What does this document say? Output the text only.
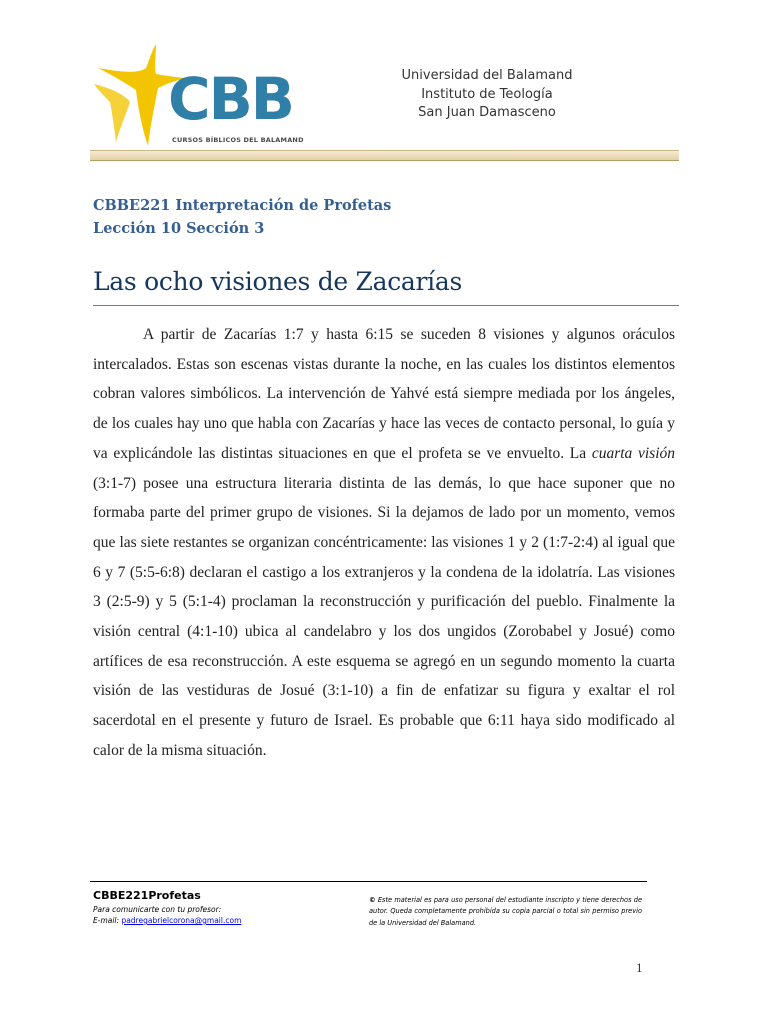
CBB
CURSOS BÍBLICOS DEL BALAMAND
Universidad del Balamand
Instituto de Teología
San Juan Damasceno
CBBE221 Interpretación de Profetas
Lección 10 Sección 3
Las ocho visiones de Zacarías
A partir de Zacarías 1:7 y hasta 6:15 se suceden 8 visiones y algunos oráculos intercalados. Estas son escenas vistas durante la noche, en las cuales los distintos elementos cobran valores simbólicos. La intervención de Yahvé está siempre mediada por los ángeles, de los cuales hay uno que habla con Zacarías y hace las veces de contacto personal, lo guía y va explicándole las distintas situaciones en que el profeta se ve envuelto. La cuarta visión (3:1-7) posee una estructura literaria distinta de las demás, lo que hace suponer que no formaba parte del primer grupo de visiones. Si la dejamos de lado por un momento, vemos que las siete restantes se organizan concéntricamente: las visiones 1 y 2 (1:7-2:4) al igual que 6 y 7 (5:5-6:8) declaran el castigo a los extranjeros y la condena de la idolatría. Las visiones 3 (2:5-9) y 5 (5:1-4) proclaman la reconstrucción y purificación del pueblo. Finalmente la visión central (4:1-10) ubica al candelabro y los dos ungidos (Zorobabel y Josué) como artífices de esa reconstrucción. A este esquema se agregó en un segundo momento la cuarta visión de las vestiduras de Josué (3:1-10) a fin de enfatizar su figura y exaltar el rol sacerdotal en el presente y futuro de Israel. Es probable que 6:11 haya sido modificado al calor de la misma situación.
CBBE221Profetas
Para comunicarte con tu profesor:
E-mail: padregabrielcorona@gmail.com
© Este material es para uso personal del estudiante inscripto y tiene derechos de autor. Queda completamente prohibida su copia parcial o total sin permiso previo de la Universidad del Balamand.
1
